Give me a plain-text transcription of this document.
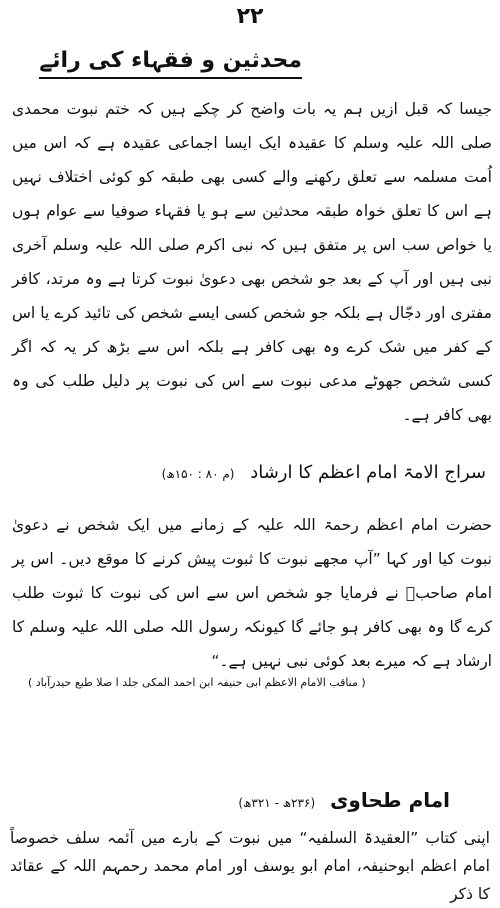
۲۲
محدثین و فقہاء کی رائے
جیسا کہ قبل ازیں ہم یہ بات واضح کر چکے ہیں کہ ختم نبوت محمدی صلی اللہ علیہ وسلم کا عقیدہ ایک ایسا اجماعی عقیدہ ہے کہ اس میں اُمت مسلمہ سے تعلق رکھنے والے کسی بھی طبقہ کو کوئی اختلاف نہیں ہے اس کا تعلق خواہ طبقہ محدثین سے ہو یا فقہاء صوفیا سے عوام ہوں یا خواص سب اس پر متفق ہیں کہ نبی اکرم صلی اللہ علیہ وسلم آخری نبی ہیں اور آپ کے بعد جو شخص بھی دعویٰ نبوت کرتا ہے وہ مرتد، کافر مفتری اور دجّال ہے بلکہ جو شخص کسی ایسے شخص کی تائید کرے یا اس کے کفر میں شک کرے وہ بھی کافر ہے بلکہ اس سے بڑھ کر یہ کہ اگر کسی شخص جھوٹے مدعی نبوت سے اس کی نبوت پر دلیل طلب کی وہ بھی کافر ہے۔
سراج الامۃ امام اعظم کا ارشاد (م ۸۰ : ۱۵۰ھ)
حضرت امام اعظم رحمۃ اللہ علیہ کے زمانے میں ایک شخص نے دعویٰ نبوت کیا اور کہا ”آپ مجھے نبوت کا ثبوت پیش کرنے کا موقع دیں۔ اس پر امام صاحبؒ نے فرمایا جو شخص اس سے اس کی نبوت کا ثبوت طلب کرے گا وہ بھی کافر ہو جائے گا کیونکہ رسول اللہ صلی اللہ علیہ وسلم کا ارشاد ہے کہ میرے بعد کوئی نبی نہیں ہے۔“
( مناقب الامام الاعظم ابی حنیفہ ابن احمد المکی جلد ا صلا طبع حیدرآباد )
امام طحاوی (۲۳۶ھ - ۳۲۱ھ)
اپنی کتاب ”العقیدۃ السلفیہ“ میں نبوت کے بارے میں آئمہ سلف خصوصاً امام اعظم ابوحنیفہ، امام ابو یوسف اور امام محمد رحمہم اللہ کے عقائد کا ذکر
